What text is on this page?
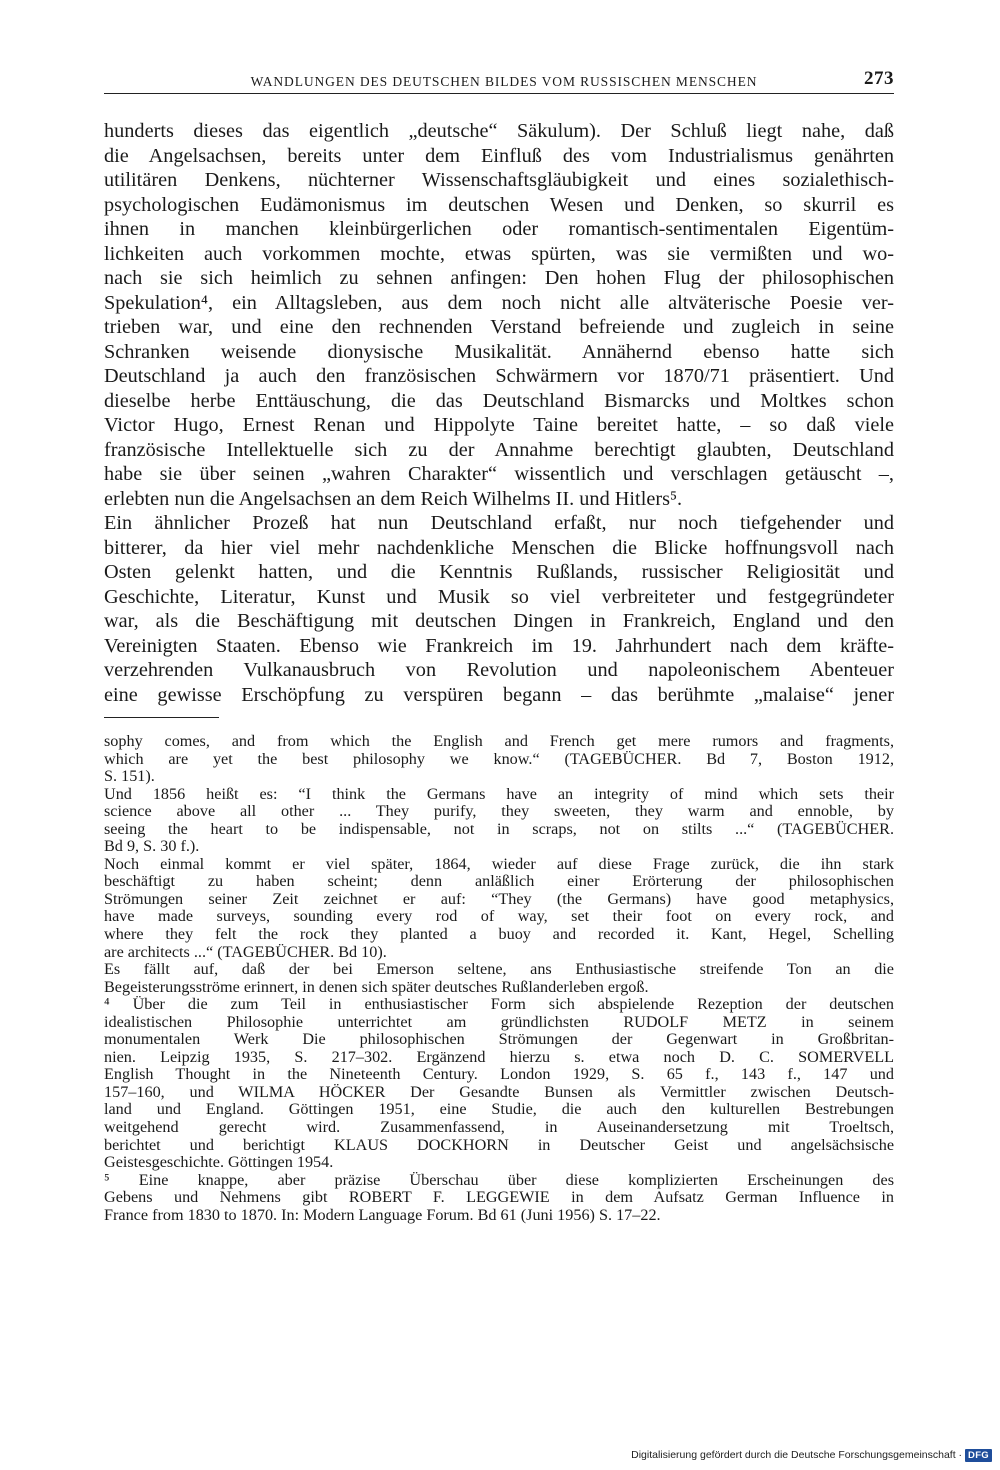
WANDLUNGEN DES DEUTSCHEN BILDES VOM RUSSISCHEN MENSCHEN	273
hunderts dieses das eigentlich „deutsche“ Säkulum). Der Schluß liegt nahe, daß
die Angelsachsen, bereits unter dem Einfluß des vom Industrialismus genährten
utilitären Denkens, nüchterner Wissenschaftsgläubigkeit und eines sozialethisch-
psychologischen Eudämonismus im deutschen Wesen und Denken, so skurril es
ihnen in manchen kleinbürgerlichen oder romantisch-sentimentalen Eigentüm-
lichkeiten auch vorkommen mochte, etwas spürten, was sie vermißten und wo-
nach sie sich heimlich zu sehnen anfingen: Den hohen Flug der philosophischen
Spekulation⁴, ein Alltagsleben, aus dem noch nicht alle altväterische Poesie ver-
trieben war, und eine den rechnenden Verstand befreiende und zugleich in seine
Schranken weisende dionysische Musikalität. Annähernd ebenso hatte sich
Deutschland ja auch den französischen Schwärmern vor 1870/71 präsentiert. Und
dieselbe herbe Enttäuschung, die das Deutschland Bismarcks und Moltkes schon
Victor Hugo, Ernest Renan und Hippolyte Taine bereitet hatte, – so daß viele
französische Intellektuelle sich zu der Annahme berechtigt glaubten, Deutschland
habe sie über seinen „wahren Charakter“ wissentlich und verschlagen getäuscht –,
erlebten nun die Angelsachsen an dem Reich Wilhelms II. und Hitlers⁵.
Ein ähnlicher Prozeß hat nun Deutschland erfaßt, nur noch tiefgehender und
bitterer, da hier viel mehr nachdenkliche Menschen die Blicke hoffnungsvoll nach
Osten gelenkt hatten, und die Kenntnis Rußlands, russischer Religiosität und
Geschichte, Literatur, Kunst und Musik so viel verbreiteter und festgegründeter
war, als die Beschäftigung mit deutschen Dingen in Frankreich, England und den
Vereinigten Staaten. Ebenso wie Frankreich im 19. Jahrhundert nach dem kräfte-
verzehrenden Vulkanausbruch von Revolution und napoleonischem Abenteuer
eine gewisse Erschöpfung zu verspüren begann – das berühmte „malaise“ jener
sophy comes, and from which the English and French get mere rumors and fragments,
which are yet the best philosophy we know.“ (TAGEBÜCHER. Bd 7, Boston 1912,
S. 151).
Und 1856 heißt es: “I think the Germans have an integrity of mind which sets their
science above all other ... They purify, they sweeten, they warm and ennoble, by
seeing the heart to be indispensable, not in scraps, not on stilts ...“ (TAGEBÜCHER.
Bd 9, S. 30 f.).
Noch einmal kommt er viel später, 1864, wieder auf diese Frage zurück, die ihn stark
beschäftigt zu haben scheint; denn anläßlich einer Erörterung der philosophischen
Strömungen seiner Zeit zeichnet er auf: “They (the Germans) have good metaphysics,
have made surveys, sounding every rod of way, set their foot on every rock, and
where they felt the rock they planted a buoy and recorded it. Kant, Hegel, Schelling
are architects ...“ (TAGEBÜCHER. Bd 10).
Es fällt auf, daß der bei Emerson seltene, ans Enthusiastische streifende Ton an die
Begeisterungsströme erinnert, in denen sich später deutsches Rußlanderleben ergoß.
⁴ Über die zum Teil in enthusiastischer Form sich abspielende Rezeption der deutschen
idealistischen Philosophie unterrichtet am gründlichsten RUDOLF METZ in seinem
monumentalen Werk Die philosophischen Strömungen der Gegenwart in Großbritan-
nien. Leipzig 1935, S. 217–302. Ergänzend hierzu s. etwa noch D. C. SOMERVELL
English Thought in the Nineteenth Century. London 1929, S. 65 f., 143 f., 147 und
157–160, und WILMA HÖCKER Der Gesandte Bunsen als Vermittler zwischen Deutsch-
land und England. Göttingen 1951, eine Studie, die auch den kulturellen Bestrebungen
weitgehend gerecht wird. Zusammenfassend, in Auseinandersetzung mit Troeltsch,
berichtet und berichtigt KLAUS DOCKHORN in Deutscher Geist und angelsächsische
Geistesgeschichte. Göttingen 1954.
⁵ Eine knappe, aber präzise Überschau über diese komplizierten Erscheinungen des
Gebens und Nehmens gibt ROBERT F. LEGGEWIE in dem Aufsatz German Influence in
France from 1830 to 1870. In: Modern Language Forum. Bd 61 (Juni 1956) S. 17–22.
Digitalisierung gefördert durch die Deutsche Forschungsgemeinschaft · DFG
